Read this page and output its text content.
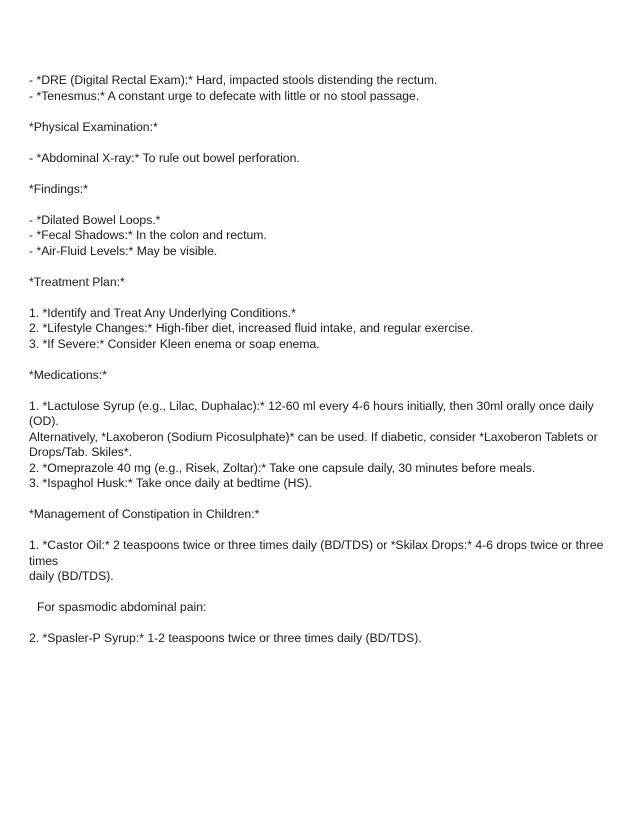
- *DRE (Digital Rectal Exam):* Hard, impacted stools distending the rectum.
- *Tenesmus:* A constant urge to defecate with little or no stool passage.

*Physical Examination:*

- *Abdominal X-ray:* To rule out bowel perforation.

*Findings:*

- *Dilated Bowel Loops.*
- *Fecal Shadows:* In the colon and rectum.
- *Air-Fluid Levels:* May be visible.

*Treatment Plan:*

1. *Identify and Treat Any Underlying Conditions.*
2. *Lifestyle Changes:* High-fiber diet, increased fluid intake, and regular exercise.
3. *If Severe:* Consider Kleen enema or soap enema.

*Medications:*

1. *Lactulose Syrup (e.g., Lilac, Duphalac):* 12-60 ml every 4-6 hours initially, then 30ml orally once daily (OD).
Alternatively, *Laxoberon (Sodium Picosulphate)* can be used. If diabetic, consider *Laxoberon Tablets or
Drops/Tab. Skiles*.
2. *Omeprazole 40 mg (e.g., Risek, Zoltar):* Take one capsule daily, 30 minutes before meals.
3. *Ispaghol Husk:* Take once daily at bedtime (HS).

*Management of Constipation in Children:*

1. *Castor Oil:* 2 teaspoons twice or three times daily (BD/TDS) or *Skilax Drops:* 4-6 drops twice or three times
daily (BD/TDS).

For spasmodic abdominal pain:

2. *Spasler-P Syrup:* 1-2 teaspoons twice or three times daily (BD/TDS).
